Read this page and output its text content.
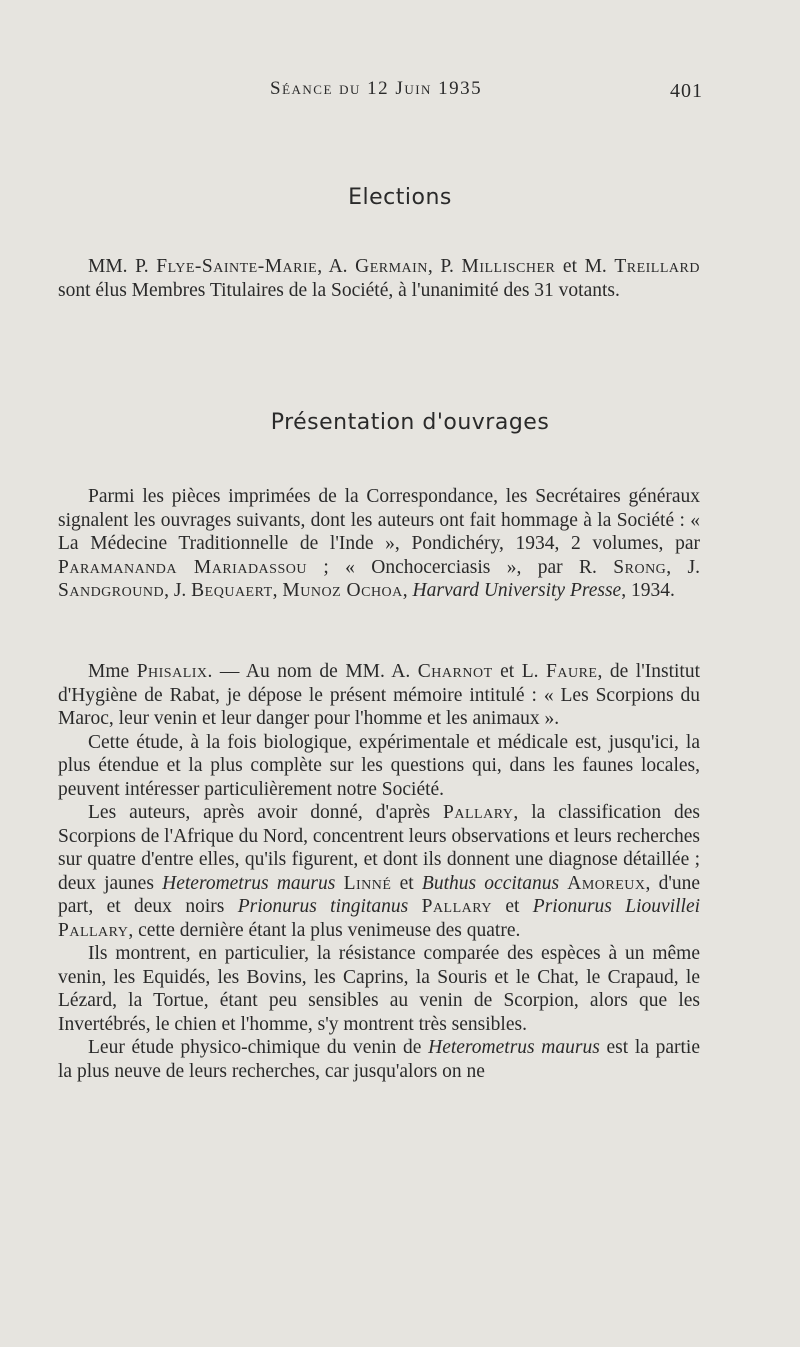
Séance du 12 Juin 1935	401
Elections

MM. P. Flye-Sainte-Marie, A. Germain, P. Millischer et M. Treillard sont élus Membres Titulaires de la Société, à l'unanimité des 31 votants.

Présentation d'ouvrages

Parmi les pièces imprimées de la Correspondance, les Secrétaires généraux signalent les ouvrages suivants, dont les auteurs ont fait hommage à la Société : « La Médecine Traditionnelle de l'Inde », Pondichéry, 1934, 2 volumes, par Paramananda Mariadassou ; « Onchocerciasis », par R. Srong, J. Sandground, J. Bequaert, Munoz Ochoa, Harvard University Presse, 1934.

Mme Phisalix. — Au nom de MM. A. Charnot et L. Faure, de l'Institut d'Hygiène de Rabat, je dépose le présent mémoire intitulé : « Les Scorpions du Maroc, leur venin et leur danger pour l'homme et les animaux ».

Cette étude, à la fois biologique, expérimentale et médicale est, jusqu'ici, la plus étendue et la plus complète sur les questions qui, dans les faunes locales, peuvent intéresser particulièrement notre Société.

Les auteurs, après avoir donné, d'après Pallary, la classification des Scorpions de l'Afrique du Nord, concentrent leurs observations et leurs recherches sur quatre d'entre elles, qu'ils figurent, et dont ils donnent une diagnose détaillée ; deux jaunes Heterometrus maurus Linné et Buthus occitanus Amoreux, d'une part, et deux noirs Prionurus tingitanus Pallary et Prionurus Liouvillei Pallary, cette dernière étant la plus venimeuse des quatre.

Ils montrent, en particulier, la résistance comparée des espèces à un même venin, les Equidés, les Bovins, les Caprins, la Souris et le Chat, le Crapaud, le Lézard, la Tortue, étant peu sensibles au venin de Scorpion, alors que les Invertébrés, le chien et l'homme, s'y montrent très sensibles.

Leur étude physico-chimique du venin de Heterometrus maurus est la partie la plus neuve de leurs recherches, car jusqu'alors on ne
